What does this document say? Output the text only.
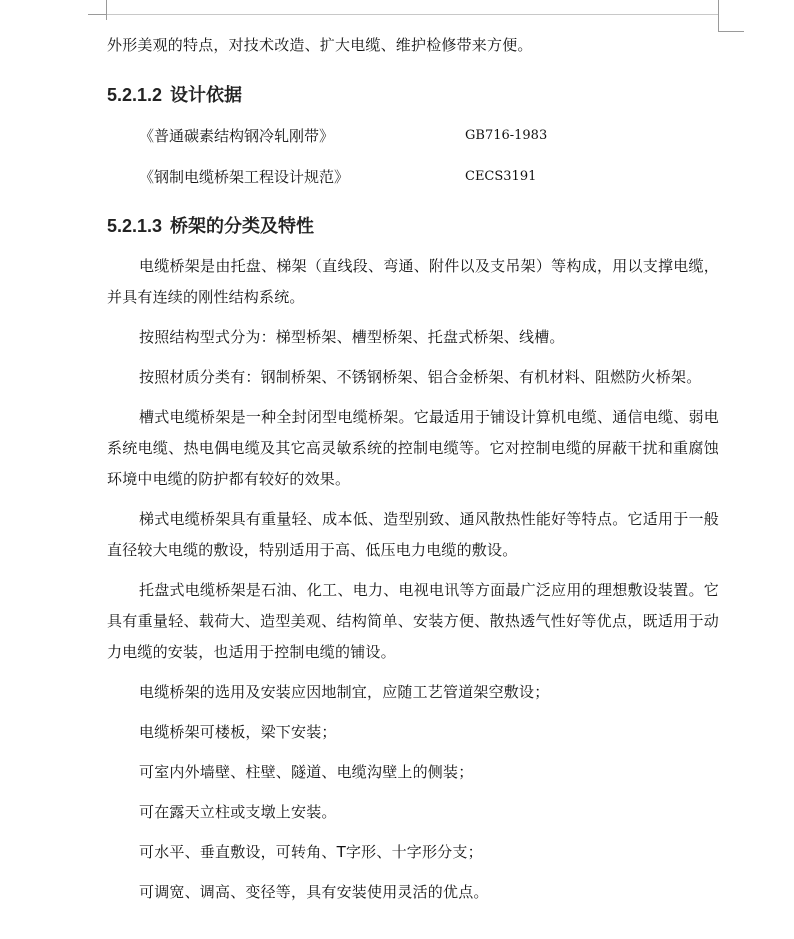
外形美观的特点，对技术改造、扩大电缆、维护检修带来方便。

5.2.1.2 设计依据
《普通碳素结构钢冷轧刚带》	GB716-1983
《钢制电缆桥架工程设计规范》	CECS3191
5.2.1.3 桥架的分类及特性

电缆桥架是由托盘、梯架（直线段、弯通、附件以及支吊架）等构成，用以支撑电缆，并具有连续的刚性结构系统。

按照结构型式分为：梯型桥架、槽型桥架、托盘式桥架、线槽。

按照材质分类有：钢制桥架、不锈钢桥架、铝合金桥架、有机材料、阻燃防火桥架。

槽式电缆桥架是一种全封闭型电缆桥架。它最适用于铺设计算机电缆、通信电缆、弱电系统电缆、热电偶电缆及其它高灵敏系统的控制电缆等。它对控制电缆的屏蔽干扰和重腐蚀环境中电缆的防护都有较好的效果。

梯式电缆桥架具有重量轻、成本低、造型别致、通风散热性能好等特点。它适用于一般直径较大电缆的敷设，特别适用于高、低压电力电缆的敷设。

托盘式电缆桥架是石油、化工、电力、电视电讯等方面最广泛应用的理想敷设装置。它具有重量轻、载荷大、造型美观、结构简单、安装方便、散热透气性好等优点，既适用于动力电缆的安装，也适用于控制电缆的铺设。

电缆桥架的选用及安装应因地制宜，应随工艺管道架空敷设；

电缆桥架可楼板，梁下安装；

可室内外墙壁、柱壁、隧道、电缆沟壁上的侧装；

可在露天立柱或支墩上安装。

可水平、垂直敷设，可转角、T字形、十字形分支；

可调宽、调高、变径等，具有安装使用灵活的优点。
